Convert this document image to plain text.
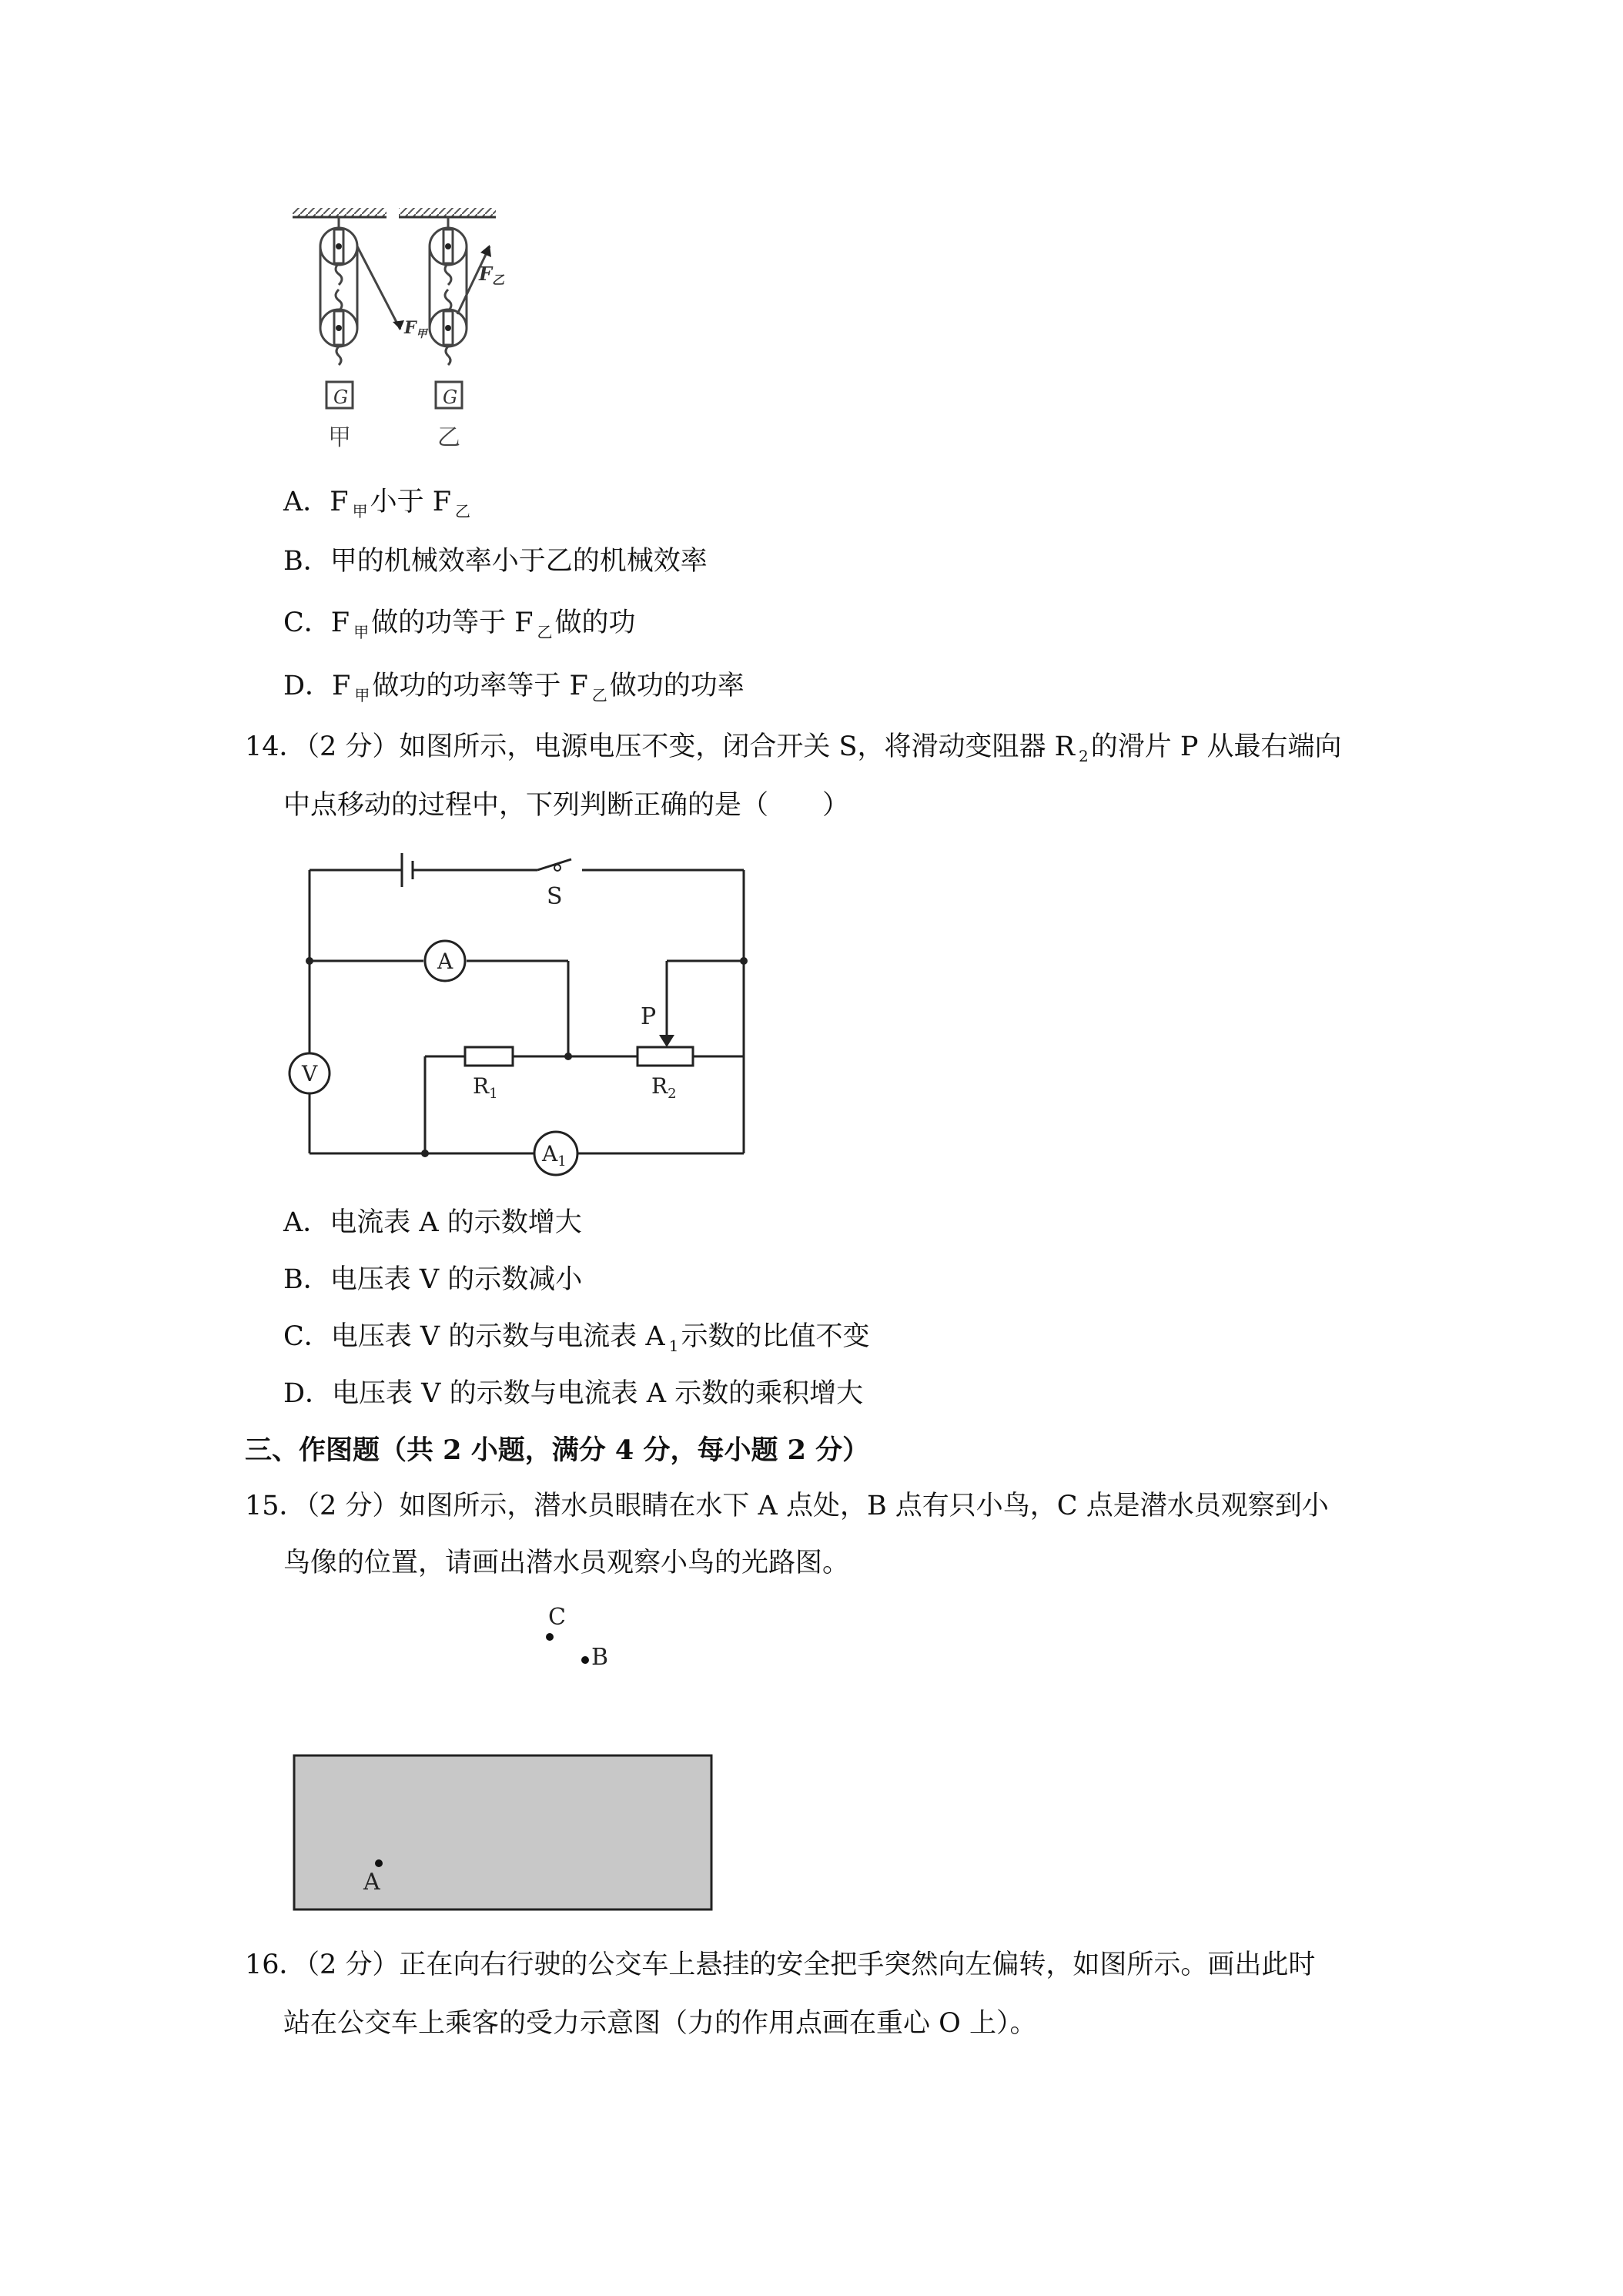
G
$F_甲$
甲
G
$F_乙$
乙
A．F $_甲$小于 F $_乙$
B．甲的机械效率小于乙的机械效率
C．F $_甲$做的功等于 F $_乙$做的功
D．F $_甲$做功的功率等于 F $_乙$做功的功率
14．（2 分）如图所示，电源电压不变，闭合开关 S，将滑动变阻器 R $_2$的滑片 P 从最右端向
中点移动的过程中，下列判断正确的是（　　）
A
V
$A_1$
S
P
$R_1$	$R_2$
A．电流表 A 的示数增大
B．电压表 V 的示数减小
C．电压表 V 的示数与电流表 A $_1$示数的比值不变
D．电压表 V 的示数与电流表 A 示数的乘积增大
三、作图题（共 2 小题，满分 4 分，每小题 2 分）
15．（2 分）如图所示，潜水员眼睛在水下 A 点处，B 点有只小鸟，C 点是潜水员观察到小
鸟像的位置，请画出潜水员观察小鸟的光路图。
C
B
A
16．（2 分）正在向右行驶的公交车上悬挂的安全把手突然向左偏转，如图所示。画出此时
站在公交车上乘客的受力示意图（力的作用点画在重心 O 上）。
